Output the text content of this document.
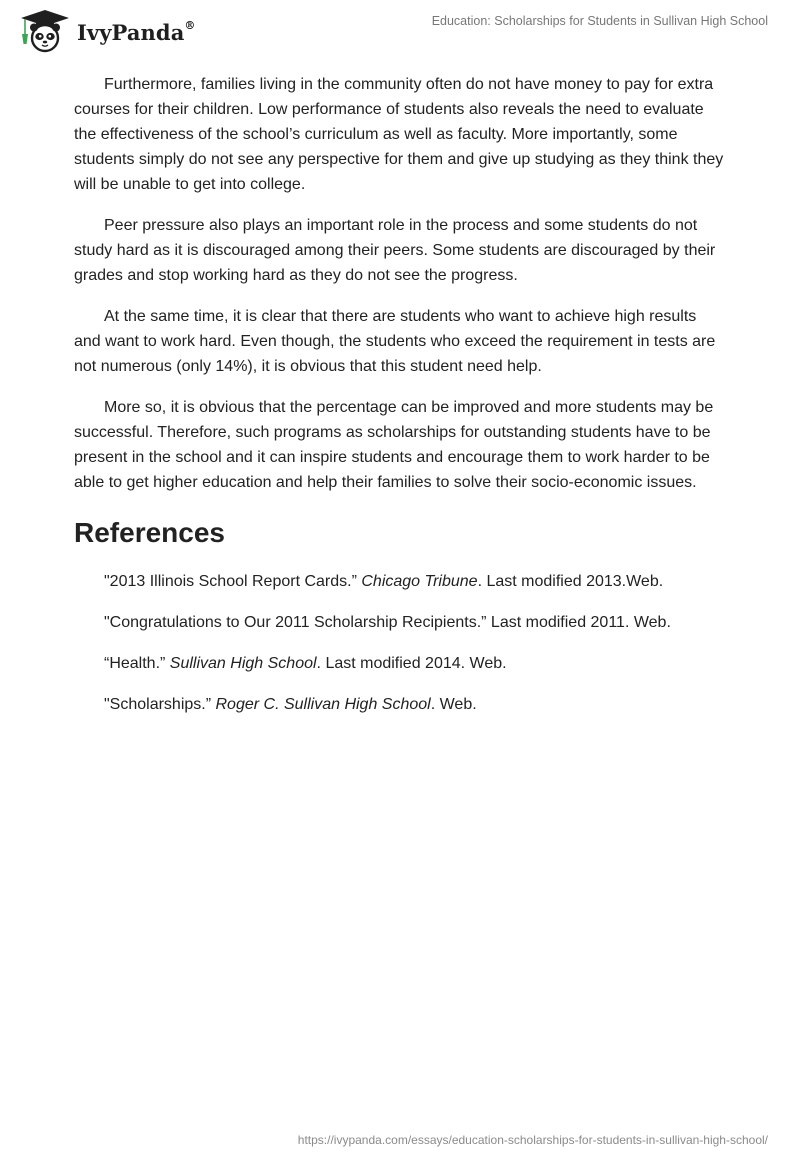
IvyPanda®	Education: Scholarships for Students in Sullivan High School

Furthermore, families living in the community often do not have money to pay for extra courses for their children. Low performance of students also reveals the need to evaluate the effectiveness of the school’s curriculum as well as faculty. More importantly, some students simply do not see any perspective for them and give up studying as they think they will be unable to get into college.

Peer pressure also plays an important role in the process and some students do not study hard as it is discouraged among their peers. Some students are discouraged by their grades and stop working hard as they do not see the progress.

At the same time, it is clear that there are students who want to achieve high results and want to work hard. Even though, the students who exceed the requirement in tests are not numerous (only 14%), it is obvious that this student need help.

More so, it is obvious that the percentage can be improved and more students may be successful. Therefore, such programs as scholarships for outstanding students have to be present in the school and it can inspire students and encourage them to work harder to be able to get higher education and help their families to solve their socio-economic issues.

References
"2013 Illinois School Report Cards.” Chicago Tribune. Last modified 2013.Web.
"Congratulations to Our 2011 Scholarship Recipients.” Last modified 2011. Web.
“Health.” Sullivan High School. Last modified 2014. Web.
"Scholarships.” Roger C. Sullivan High School. Web.
https://ivypanda.com/essays/education-scholarships-for-students-in-sullivan-high-school/
